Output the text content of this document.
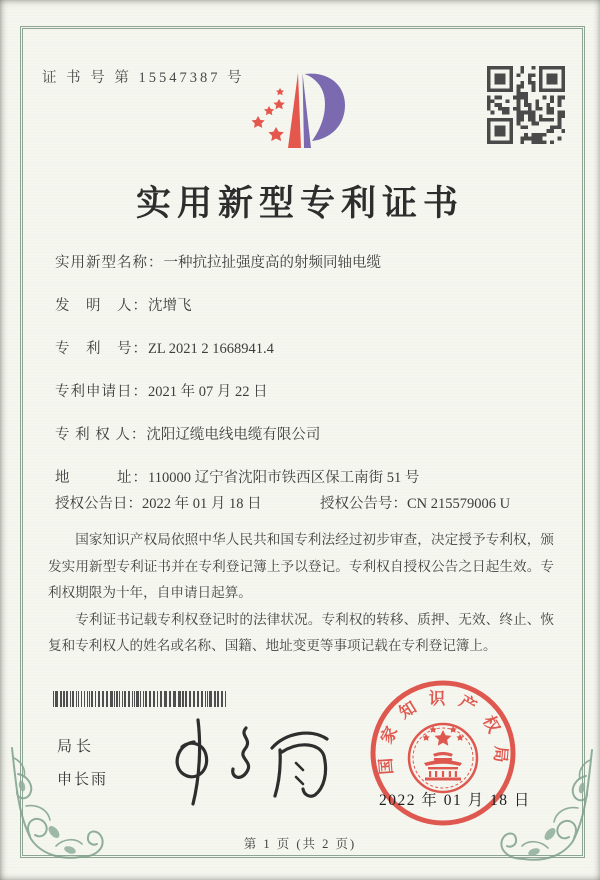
证 书 号 第 15547387 号
实用新型专利证书
实用新型名称：一种抗拉扯强度高的射频同轴电缆
发　明　人：沈增飞
专　利　号：ZL 2021 2 1668941.4
专利申请日：2021 年 07 月 22 日
专 利 权 人：沈阳辽缆电线电缆有限公司
地　　　址：110000 辽宁省沈阳市铁西区保工南街 51 号
授权公告日：2022 年 01 月 18 日	授权公告号：CN 215579006 U

国家知识产权局依照中华人民共和国专利法经过初步审查，决定授予专利权，颁发实用新型专利证书并在专利登记簿上予以登记。专利权自授权公告之日起生效。专利权期限为十年，自申请日起算。

专利证书记载专利权登记时的法律状况。专利权的转移、质押、无效、终止、恢复和专利权人的姓名或名称、国籍、地址变更等事项记载在专利登记簿上。

局长
申长雨
国家知识产权局
2022 年 01 月 18 日
第 1 页 (共 2 页)
